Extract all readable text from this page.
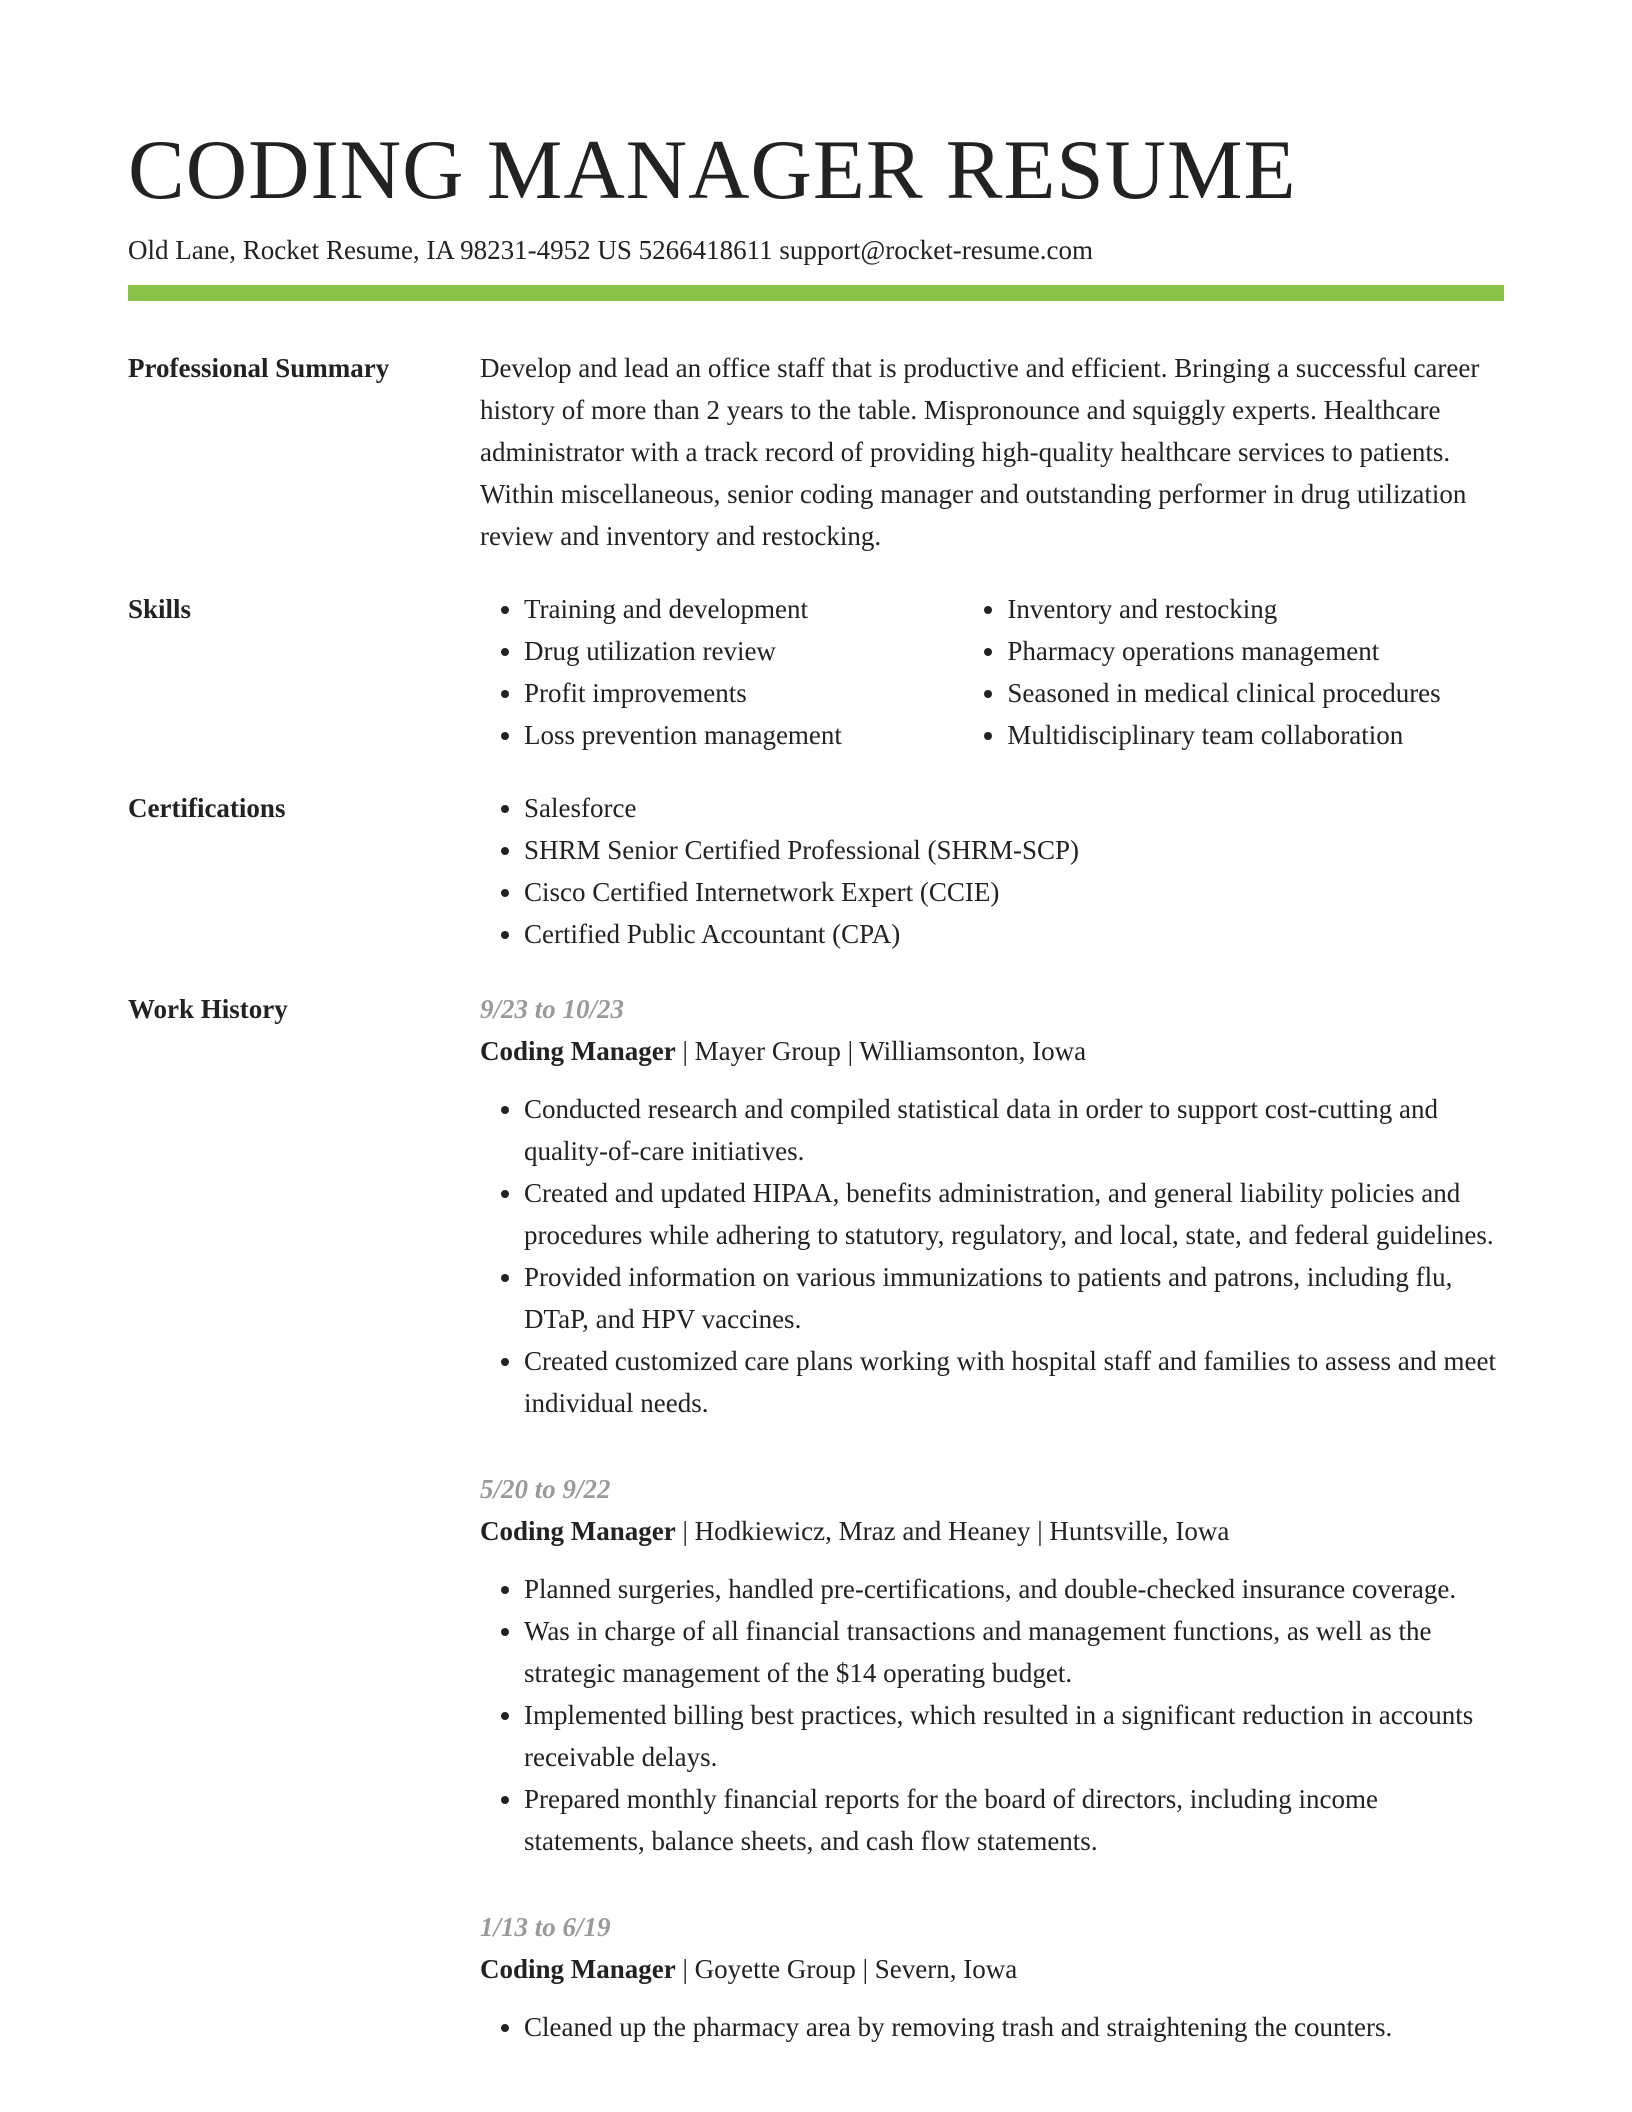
CODING MANAGER RESUME
Old Lane, Rocket Resume, IA 98231-4952 US 5266418611 support@rocket-resume.com
Professional Summary	Develop and lead an office staff that is productive and efficient. Bringing a successful career history of more than 2 years to the table. Mispronounce and squiggly experts. Healthcare administrator with a track record of providing high-quality healthcare services to patients. Within miscellaneous, senior coding manager and outstanding performer in drug utilization review and inventory and restocking.

Skills	• Training and development
• Drug utilization review
• Profit improvements
• Loss prevention management
• Inventory and restocking
• Pharmacy operations management
• Seasoned in medical clinical procedures
• Multidisciplinary team collaboration
Certifications	• Salesforce
• SHRM Senior Certified Professional (SHRM-SCP)
• Cisco Certified Internetwork Expert (CCIE)
• Certified Public Accountant (CPA)
Work History	9/23 to 10/23
Coding Manager | Mayer Group | Williamsonton, Iowa
• Conducted research and compiled statistical data in order to support cost-cutting and quality-of-care initiatives.
• Created and updated HIPAA, benefits administration, and general liability policies and procedures while adhering to statutory, regulatory, and local, state, and federal guidelines.
• Provided information on various immunizations to patients and patrons, including flu, DTaP, and HPV vaccines.
• Created customized care plans working with hospital staff and families to assess and meet individual needs.
5/20 to 9/22
Coding Manager | Hodkiewicz, Mraz and Heaney | Huntsville, Iowa
• Planned surgeries, handled pre-certifications, and double-checked insurance coverage.
• Was in charge of all financial transactions and management functions, as well as the strategic management of the $14 operating budget.
• Implemented billing best practices, which resulted in a significant reduction in accounts receivable delays.
• Prepared monthly financial reports for the board of directors, including income statements, balance sheets, and cash flow statements.
1/13 to 6/19
Coding Manager | Goyette Group | Severn, Iowa
• Cleaned up the pharmacy area by removing trash and straightening the counters.
